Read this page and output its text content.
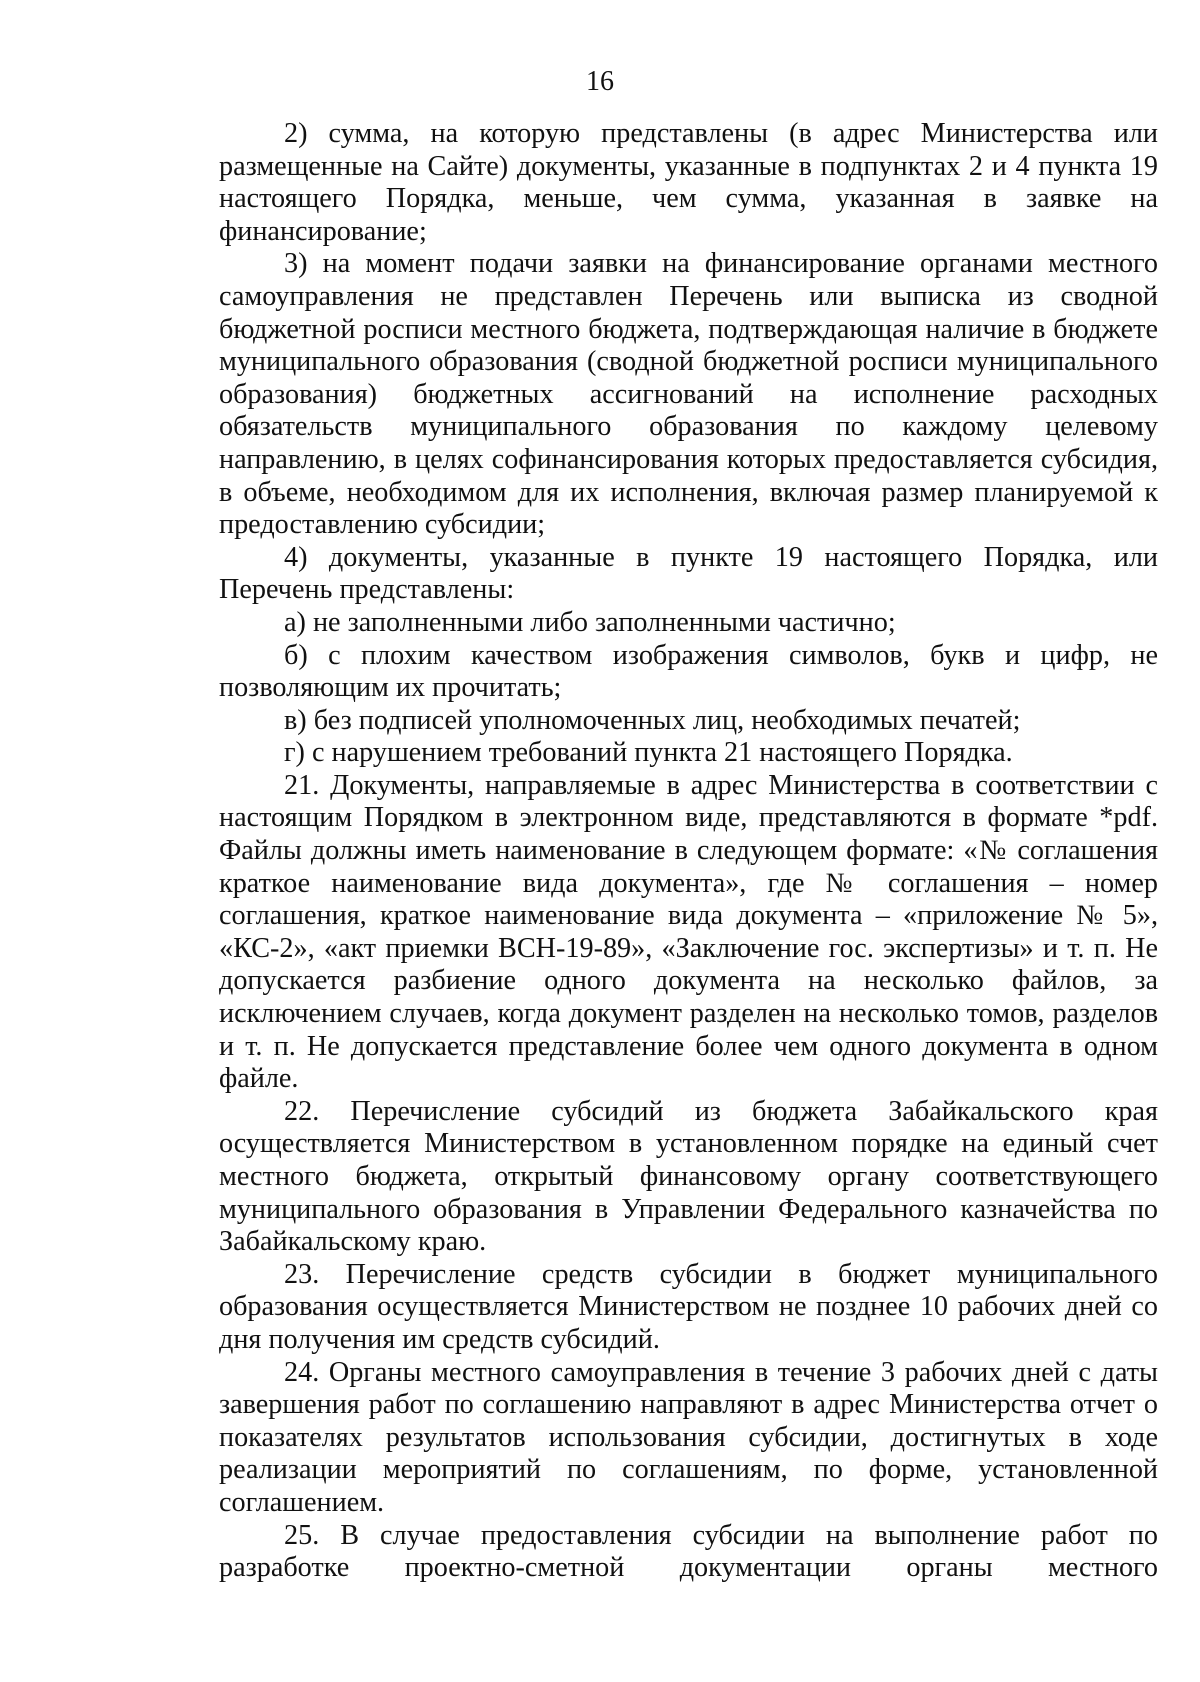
16

2) сумма, на которую представлены (в адрес Министерства или размещенные на Сайте) документы, указанные в подпунктах 2 и 4 пункта 19 настоящего Порядка, меньше, чем сумма, указанная в заявке на финансирование;

3) на момент подачи заявки на финансирование органами местного самоуправления не представлен Перечень или выписка из сводной бюджетной росписи местного бюджета, подтверждающая наличие в бюджете муниципального образования (сводной бюджетной росписи муниципального образования) бюджетных ассигнований на исполнение расходных обязательств муниципального образования по каждому целевому направлению, в целях софинансирования которых предоставляется субсидия, в объеме, необходимом для их исполнения, включая размер планируемой к предоставлению субсидии;

4) документы, указанные в пункте 19 настоящего Порядка, или Перечень представлены:

а) не заполненными либо заполненными частично;

б) с плохим качеством изображения символов, букв и цифр, не позволяющим их прочитать;

в) без подписей уполномоченных лиц, необходимых печатей;

г) с нарушением требований пункта 21 настоящего Порядка.

21. Документы, направляемые в адрес Министерства в соответствии с настоящим Порядком в электронном виде, представляются в формате *pdf. Файлы должны иметь наименование в следующем формате: «№ соглашения краткое наименование вида документа», где № соглашения – номер соглашения, краткое наименование вида документа – «приложение № 5», «КС-2», «акт приемки ВСН-19-89», «Заключение гос. экспертизы» и т. п. Не допускается разбиение одного документа на несколько файлов, за исключением случаев, когда документ разделен на несколько томов, разделов и т. п. Не допускается представление более чем одного документа в одном файле.

22. Перечисление субсидий из бюджета Забайкальского края осуществляется Министерством в установленном порядке на единый счет местного бюджета, открытый финансовому органу соответствующего муниципального образования в Управлении Федерального казначейства по Забайкальскому краю.

23. Перечисление средств субсидии в бюджет муниципального образования осуществляется Министерством не позднее 10 рабочих дней со дня получения им средств субсидий.

24. Органы местного самоуправления в течение 3 рабочих дней с даты завершения работ по соглашению направляют в адрес Министерства отчет о показателях результатов использования субсидии, достигнутых в ходе реализации мероприятий по соглашениям, по форме, установленной соглашением.

25. В случае предоставления субсидии на выполнение работ по разработке проектно-сметной документации органы местного
